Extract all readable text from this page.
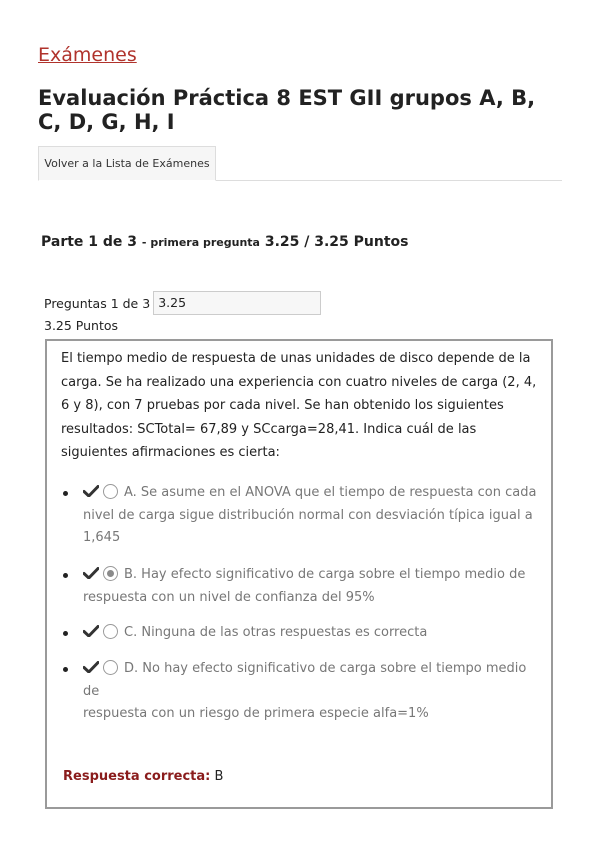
Exámenes
Evaluación Práctica 8 EST GII grupos A, B, C, D, G, H, I
Volver a la Lista de Exámenes
Parte 1 de 3 - primera pregunta 3.25 / 3.25 Puntos
Preguntas 1 de 3 3.25
3.25 Puntos
El tiempo medio de respuesta de unas unidades de disco depende de la carga. Se ha realizado una experiencia con cuatro niveles de carga (2, 4, 6 y 8), con 7 pruebas por cada nivel. Se han obtenido los siguientes resultados: SCTotal= 67,89 y SCcarga=28,41. Indica cuál de las siguientes afirmaciones es cierta:
A. Se asume en el ANOVA que el tiempo de respuesta con cada
nivel de carga sigue distribución normal con desviación típica igual a
1,645
B. Hay efecto significativo de carga sobre el tiempo medio de
respuesta con un nivel de confianza del 95%
C. Ninguna de las otras respuestas es correcta
D. No hay efecto significativo de carga sobre el tiempo medio de
respuesta con un riesgo de primera especie alfa=1%
Respuesta correcta: B
